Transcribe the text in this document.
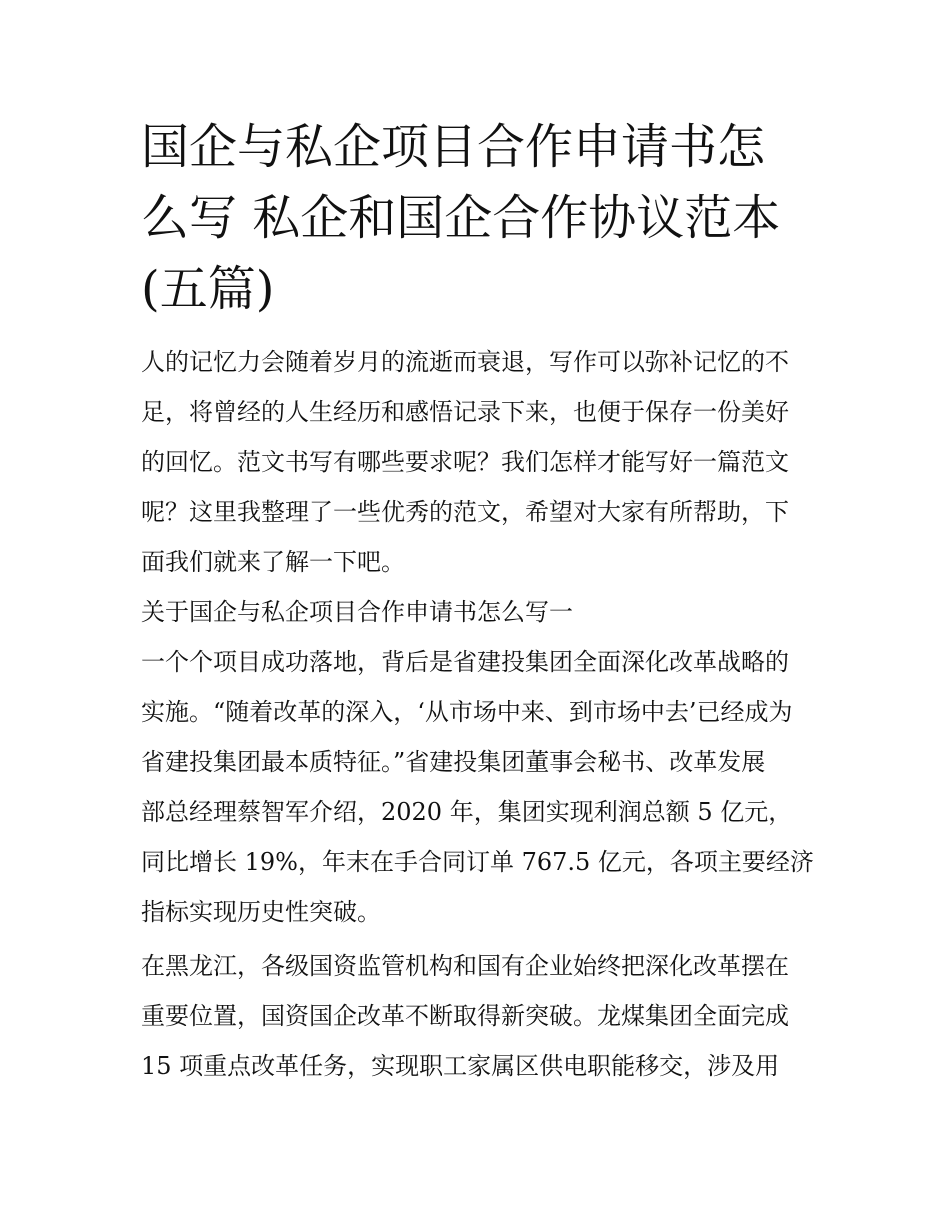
国企与私企项目合作申请书怎
么写 私企和国企合作协议范本
(五篇)

人的记忆力会随着岁月的流逝而衰退，写作可以弥补记忆的不
足，将曾经的人生经历和感悟记录下来，也便于保存一份美好
的回忆。范文书写有哪些要求呢？我们怎样才能写好一篇范文
呢？这里我整理了一些优秀的范文，希望对大家有所帮助，下
面我们就来了解一下吧。

关于国企与私企项目合作申请书怎么写一

一个个项目成功落地，背后是省建投集团全面深化改革战略的
实施。“随着改革的深入，‘从市场中来、到市场中去’已经成为
省建投集团最本质特征。”省建投集团董事会秘书、改革发展
部总经理蔡智军介绍，2020 年，集团实现利润总额 5 亿元，
同比增长 19%，年末在手合同订单 767.5 亿元，各项主要经济
指标实现历史性突破。

在黑龙江，各级国资监管机构和国有企业始终把深化改革摆在
重要位置，国资国企改革不断取得新突破。龙煤集团全面完成
15 项重点改革任务，实现职工家属区供电职能移交，涉及用
